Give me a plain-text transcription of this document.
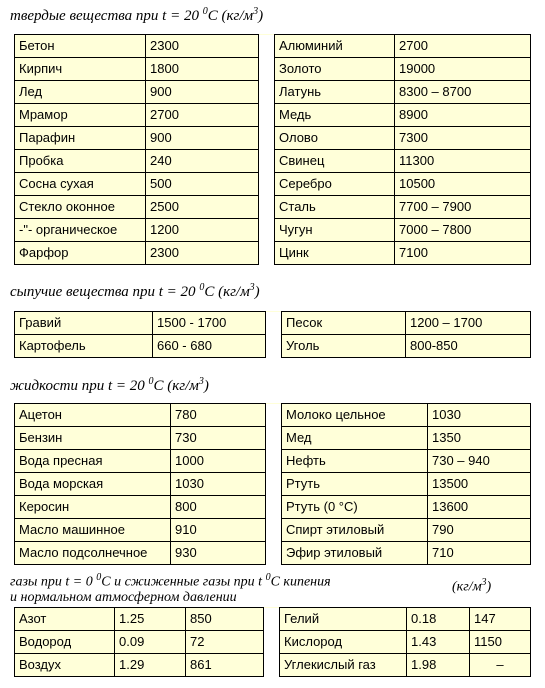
твердые вещества при t = 20 $^0$С $(кг/м^3)$
Бетон	2300		Алюминий	2700
Кирпич	1800		Золото	19000
Лед	900		Латунь	8300 – 8700
Мрамор	2700		Медь	8900
Парафин	900		Олово	7300
Пробка	240		Свинец	11300
Сосна сухая	500		Серебро	10500
Стекло оконное	2500		Сталь	7700 – 7900
-"- органическое	1200		Чугун	7000 – 7800
Фарфор	2300		Цинк	7100
сыпучие вещества при t = 20 $^0$С $(кг/м^3)$
Гравий	1500 - 1700		Песок	1200 – 1700
Картофель	660 - 680		Уголь	800-850
жидкости при t = 20 $^0$С $(кг/м^3)$
Ацетон	780		Молоко цельное	1030
Бензин	730		Мед	1350
Вода пресная	1000		Нефть	730 – 940
Вода морская	1030		Ртуть	13500
Керосин	800		Ртуть (0 °C)	13600
Масло машинное	910		Спирт этиловый	790
Масло подсолнечное	930		Эфир этиловый	710
газы при t = 0 $^0$С и сжиженные газы при t $^0$С кипения
и нормальном атмосферном давлении
$(кг/м^3)$
Азот	1.25	850		Гелий	0.18	147
Водород	0.09	72		Кислород	1.43	1150
Воздух	1.29	861		Углекислый газ	1.98	–
